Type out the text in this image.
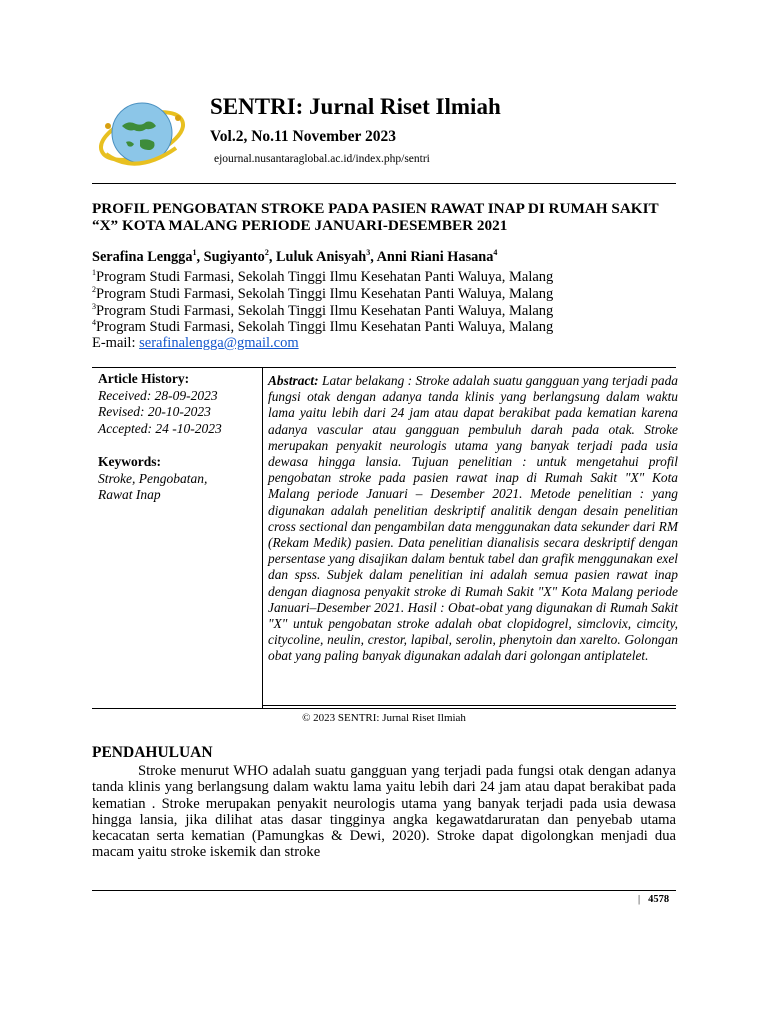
SENTRI: Jurnal Riset Ilmiah
Vol.2, No.11 November 2023
ejournal.nusantaraglobal.ac.id/index.php/sentri
PROFIL PENGOBATAN STROKE PADA PASIEN RAWAT INAP DI RUMAH SAKIT “X” KOTA MALANG PERIODE JANUARI-DESEMBER 2021
Serafina Lengga$^1$, Sugiyanto$^2$, Luluk Anisyah$^3$, Anni Riani Hasana$^4$
$^1$Program Studi Farmasi, Sekolah Tinggi Ilmu Kesehatan Panti Waluya, Malang
$^2$Program Studi Farmasi, Sekolah Tinggi Ilmu Kesehatan Panti Waluya, Malang
$^3$Program Studi Farmasi, Sekolah Tinggi Ilmu Kesehatan Panti Waluya, Malang
$^4$Program Studi Farmasi, Sekolah Tinggi Ilmu Kesehatan Panti Waluya, Malang
E-mail: serafinalengga@gmail.com
Article History:
Received: 28-09-2023
Revised: 20-10-2023
Accepted: 24 -10-2023
Keywords:
Stroke, Pengobatan,
Rawat Inap
Abstract: Latar belakang : Stroke adalah suatu gangguan yang terjadi pada fungsi otak dengan adanya tanda klinis yang berlangsung dalam waktu lama yaitu lebih dari 24 jam atau dapat berakibat pada kematian karena adanya vascular atau gangguan pembuluh darah pada otak. Stroke merupakan penyakit neurologis utama yang banyak terjadi pada usia dewasa hingga lansia. Tujuan penelitian : untuk mengetahui profil pengobatan stroke pada pasien rawat inap di Rumah Sakit "X" Kota Malang periode Januari – Desember 2021. Metode penelitian : yang digunakan adalah penelitian deskriptif analitik dengan desain penelitian cross sectional dan pengambilan data menggunakan data sekunder dari RM (Rekam Medik) pasien. Data penelitian dianalisis secara deskriptif dengan persentase yang disajikan dalam bentuk tabel dan grafik menggunakan exel dan spss. Subjek dalam penelitian ini adalah semua pasien rawat inap dengan diagnosa penyakit stroke di Rumah Sakit "X" Kota Malang periode Januari–Desember 2021. Hasil : Obat-obat yang digunakan di Rumah Sakit "X" untuk pengobatan stroke adalah obat clopidogrel, simclovix, cimcity, citycoline, neulin, crestor, lapibal, serolin, phenytoin dan xarelto. Golongan obat yang paling banyak digunakan adalah dari golongan antiplatelet.
© 2023 SENTRI: Jurnal Riset Ilmiah
PENDAHULUAN
Stroke menurut WHO adalah suatu gangguan yang terjadi pada fungsi otak dengan adanya tanda klinis yang berlangsung dalam waktu lama yaitu lebih dari 24 jam atau dapat berakibat pada kematian . Stroke merupakan penyakit neurologis utama yang banyak terjadi pada usia dewasa hingga lansia, jika dilihat atas dasar tingginya angka kegawatdaruratan dan penyebab utama kecacatan serta kematian (Pamungkas & Dewi, 2020). Stroke dapat digolongkan menjadi dua macam yaitu stroke iskemik dan stroke
| 4578
